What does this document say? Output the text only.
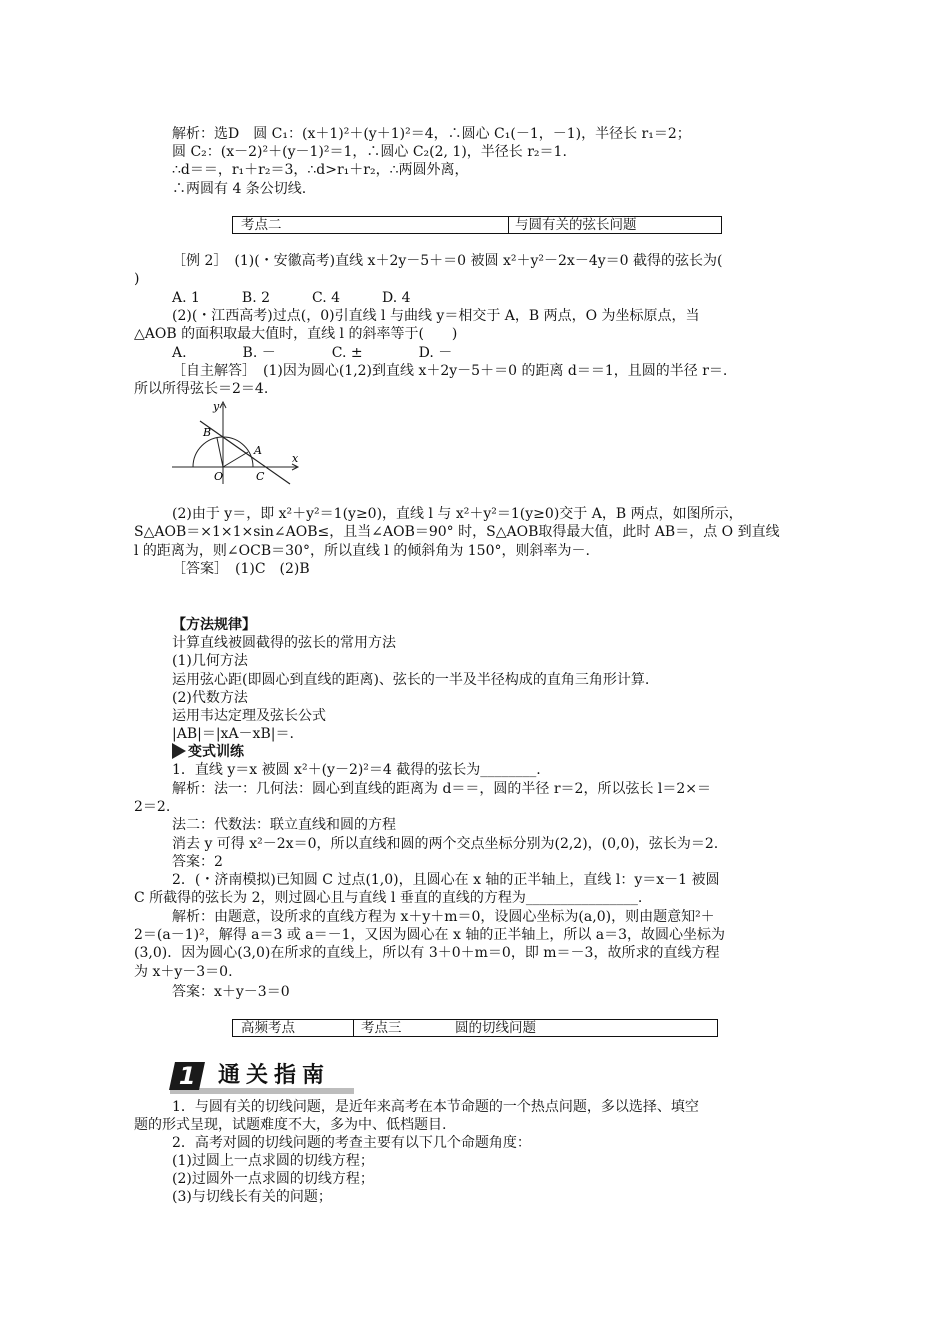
解析：选D　圆 C₁：(x＋1)²＋(y＋1)²＝4，∴圆心 C₁(－1，－1)，半径长 r₁＝2；
圆 C₂：(x－2)²＋(y－1)²＝1，∴圆心 C₂(2, 1)，半径长 r₂＝1.
∴d＝＝，r₁＋r₂＝3，∴d>r₁＋r₂，∴两圆外离，
∴两圆有 4 条公切线.
考点二	与圆有关的弦长问题
［例 2］　(1)(・安徽高考)直线 x＋2y－5＋＝0 被圆 x²＋y²－2x－4y＝0 截得的弦长为(
)
A. 1　　　B. 2　　　C. 4　　　D. 4
(2)(・江西高考)过点(，0)引直线 l 与曲线 y＝相交于 A，B 两点，O 为坐标原点，当
△AOB 的面积取最大值时，直线 l 的斜率等于(　　)
A.　　　　B. －　　　　C. ±　　　　D. －
［自主解答］　(1)因为圆心(1,2)到直线 x＋2y－5＋＝0 的距离 d＝＝1，且圆的半径 r＝.
所以所得弦长＝2＝4.
y
B
A
O	C
x
(2)由于 y＝，即 x²＋y²＝1(y≥0)，直线 l 与 x²＋y²＝1(y≥0)交于 A，B 两点，如图所示，
S△AOB＝×1×1×sin∠AOB≤，且当∠AOB＝90° 时，S△AOB取得最大值，此时 AB＝，点 O 到直线
l 的距离为，则∠OCB＝30°，所以直线 l 的倾斜角为 150°，则斜率为－.
［答案］　(1)C　(2)B
【方法规律】
计算直线被圆截得的弦长的常用方法
(1)几何方法
运用弦心距(即圆心到直线的距离)、弦长的一半及半径构成的直角三角形计算.
(2)代数方法
运用韦达定理及弦长公式
|AB|＝|xA－xB|＝.
变式训练
1．直线 y＝x 被圆 x²＋(y－2)²＝4 截得的弦长为________.
解析：法一：几何法：圆心到直线的距离为 d＝＝，圆的半径 r＝2，所以弦长 l＝2×＝
2＝2.
法二：代数法：联立直线和圆的方程
消去 y 可得 x²－2x＝0，所以直线和圆的两个交点坐标分别为(2,2)，(0,0)，弦长为＝2.
答案：2
2．(・济南模拟)已知圆 C 过点(1,0)，且圆心在 x 轴的正半轴上，直线 l：y＝x－1 被圆
C 所截得的弦长为 2，则过圆心且与直线 l 垂直的直线的方程为________________.
解析：由题意，设所求的直线方程为 x＋y＋m＝0，设圆心坐标为(a,0)，则由题意知²＋
2＝(a－1)²，解得 a＝3 或 a＝－1，又因为圆心在 x 轴的正半轴上，所以 a＝3，故圆心坐标为
(3,0)．因为圆心(3,0)在所求的直线上，所以有 3＋0＋m＝0，即 m＝－3，故所求的直线方程
为 x＋y－3＝0.
答案：x＋y－3＝0
高频考点	考点三	圆的切线问题
1 通关指南
1．与圆有关的切线问题，是近年来高考在本节命题的一个热点问题，多以选择、填空
题的形式呈现，试题难度不大，多为中、低档题目.
2．高考对圆的切线问题的考查主要有以下几个命题角度：
(1)过圆上一点求圆的切线方程；
(2)过圆外一点求圆的切线方程；
(3)与切线长有关的问题；
